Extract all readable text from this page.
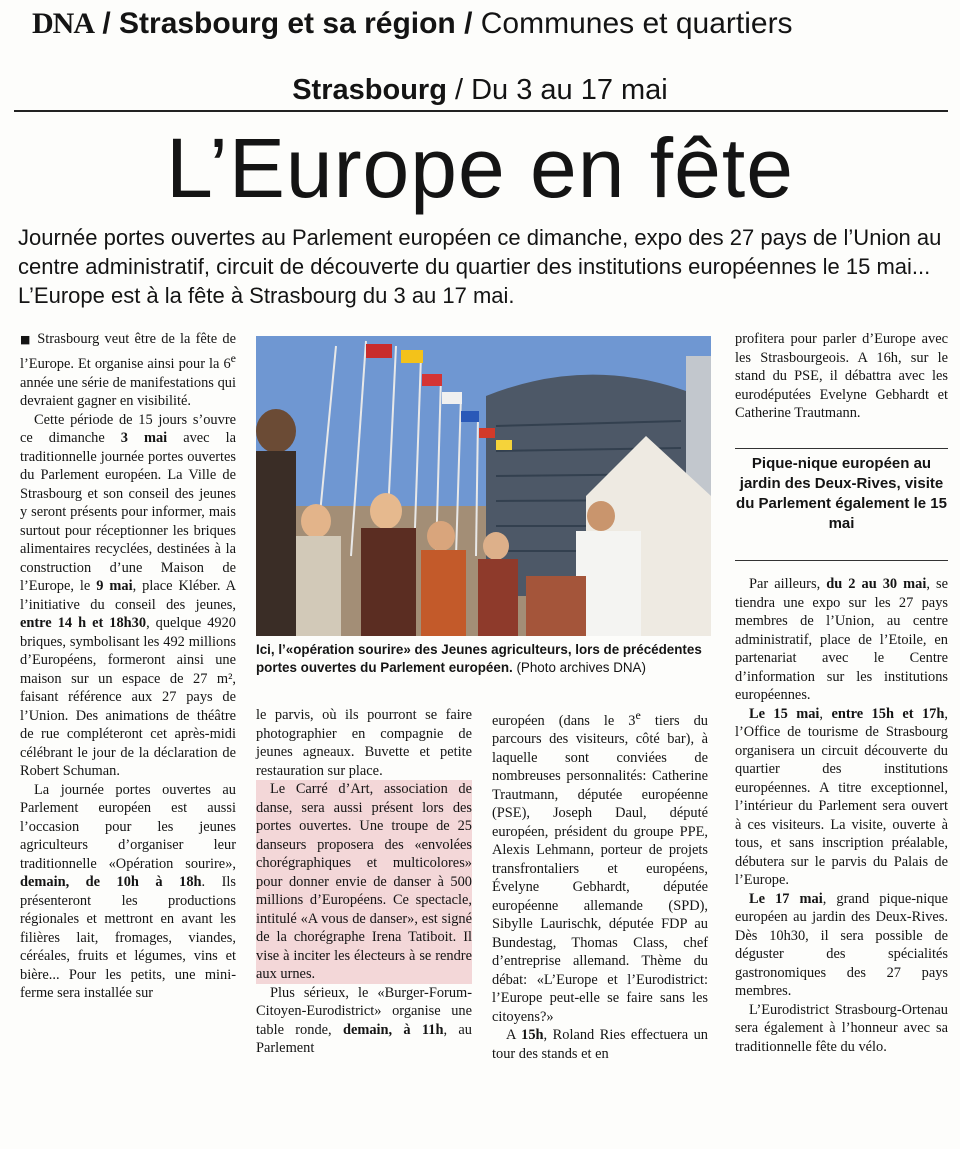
DNA / Strasbourg et sa région / Communes et quartiers
Strasbourg / Du 3 au 17 mai
L’Europe en fête
Journée portes ouvertes au Parlement européen ce dimanche, expo des 27 pays de l’Union au centre administratif, circuit de découverte du quartier des institutions européennes le 15 mai... L’Europe est à la fête à Strasbourg du 3 au 17 mai.

■ Strasbourg veut être de la fête de l’Europe. Et organise ainsi pour la 6e année une série de manifestations qui devraient gagner en visibilité.

Cette période de 15 jours s’ouvre ce dimanche 3 mai avec la traditionnelle journée portes ouvertes du Parlement européen. La Ville de Strasbourg et son conseil des jeunes y seront présents pour informer, mais surtout pour réceptionner les briques alimentaires recyclées, destinées à la construction d’une Maison de l’Europe, le 9 mai, place Kléber. A l’initiative du conseil des jeunes, entre 14 h et 18h30, quelque 4920 briques, symbolisant les 492 millions d’Européens, formeront ainsi une maison sur un espace de 27 m², faisant référence aux 27 pays de l’Union. Des animations de théâtre de rue compléteront cet après-midi célébrant le jour de la déclaration de Robert Schuman.

La journée portes ouvertes au Parlement européen est aussi l’occasion pour les jeunes agriculteurs d’organiser leur traditionnelle «Opération sourire», demain, de 10h à 18h. Ils présenteront les productions régionales et mettront en avant les filières lait, fromages, viandes, céréales, fruits et légumes, vins et bière... Pour les petits, une mini-ferme sera installée sur

Ici, l’«opération sourire» des Jeunes agriculteurs, lors de précédentes portes ouvertes du Parlement européen. (Photo archives DNA)

le parvis, où ils pourront se faire photographier en compagnie de jeunes agneaux. Buvette et petite restauration sur place.

Le Carré d’Art, association de danse, sera aussi présent lors des portes ouvertes. Une troupe de 25 danseurs proposera des «envolées chorégraphiques et multicolores» pour donner envie de danser à 500 millions d’Européens. Ce spectacle, intitulé «A vous de danser», est signé de la chorégraphe Irena Tatiboit. Il vise à inciter les électeurs à se rendre aux urnes.

Plus sérieux, le «Burger-Forum-Citoyen-Eurodistrict» organise une table ronde, demain, à 11h, au Parlement

européen (dans le 3e tiers du parcours des visiteurs, côté bar), à laquelle sont conviées de nombreuses personnalités: Catherine Trautmann, députée européenne (PSE), Joseph Daul, député européen, président du groupe PPE, Alexis Lehmann, porteur de projets transfrontaliers et européens, Évelyne Gebhardt, députée européenne allemande (SPD), Sibylle Laurischk, députée FDP au Bundestag, Thomas Class, chef d’entreprise allemand. Thème du débat: «L’Europe et l’Eurodistrict: l’Europe peut-elle se faire sans les citoyens?»

A 15h, Roland Ries effectuera un tour des stands et en

profitera pour parler d’Europe avec les Strasbourgeois. A 16h, sur le stand du PSE, il débattra avec les eurodéputées Evelyne Gebhardt et Catherine Trautmann.

Pique-nique européen au jardin des Deux-Rives, visite du Parlement également le 15 mai

Par ailleurs, du 2 au 30 mai, se tiendra une expo sur les 27 pays membres de l’Union, au centre administratif, place de l’Etoile, en partenariat avec le Centre d’information sur les institutions européennes.

Le 15 mai, entre 15h et 17h, l’Office de tourisme de Strasbourg organisera un circuit découverte du quartier des institutions européennes. A titre exceptionnel, l’intérieur du Parlement sera ouvert à ces visiteurs. La visite, ouverte à tous, et sans inscription préalable, débutera sur le parvis du Palais de l’Europe.

Le 17 mai, grand pique-nique européen au jardin des Deux-Rives. Dès 10h30, il sera possible de déguster des spécialités gastronomiques des 27 pays membres.

L’Eurodistrict Strasbourg-Ortenau sera également à l’honneur avec sa traditionnelle fête du vélo.
